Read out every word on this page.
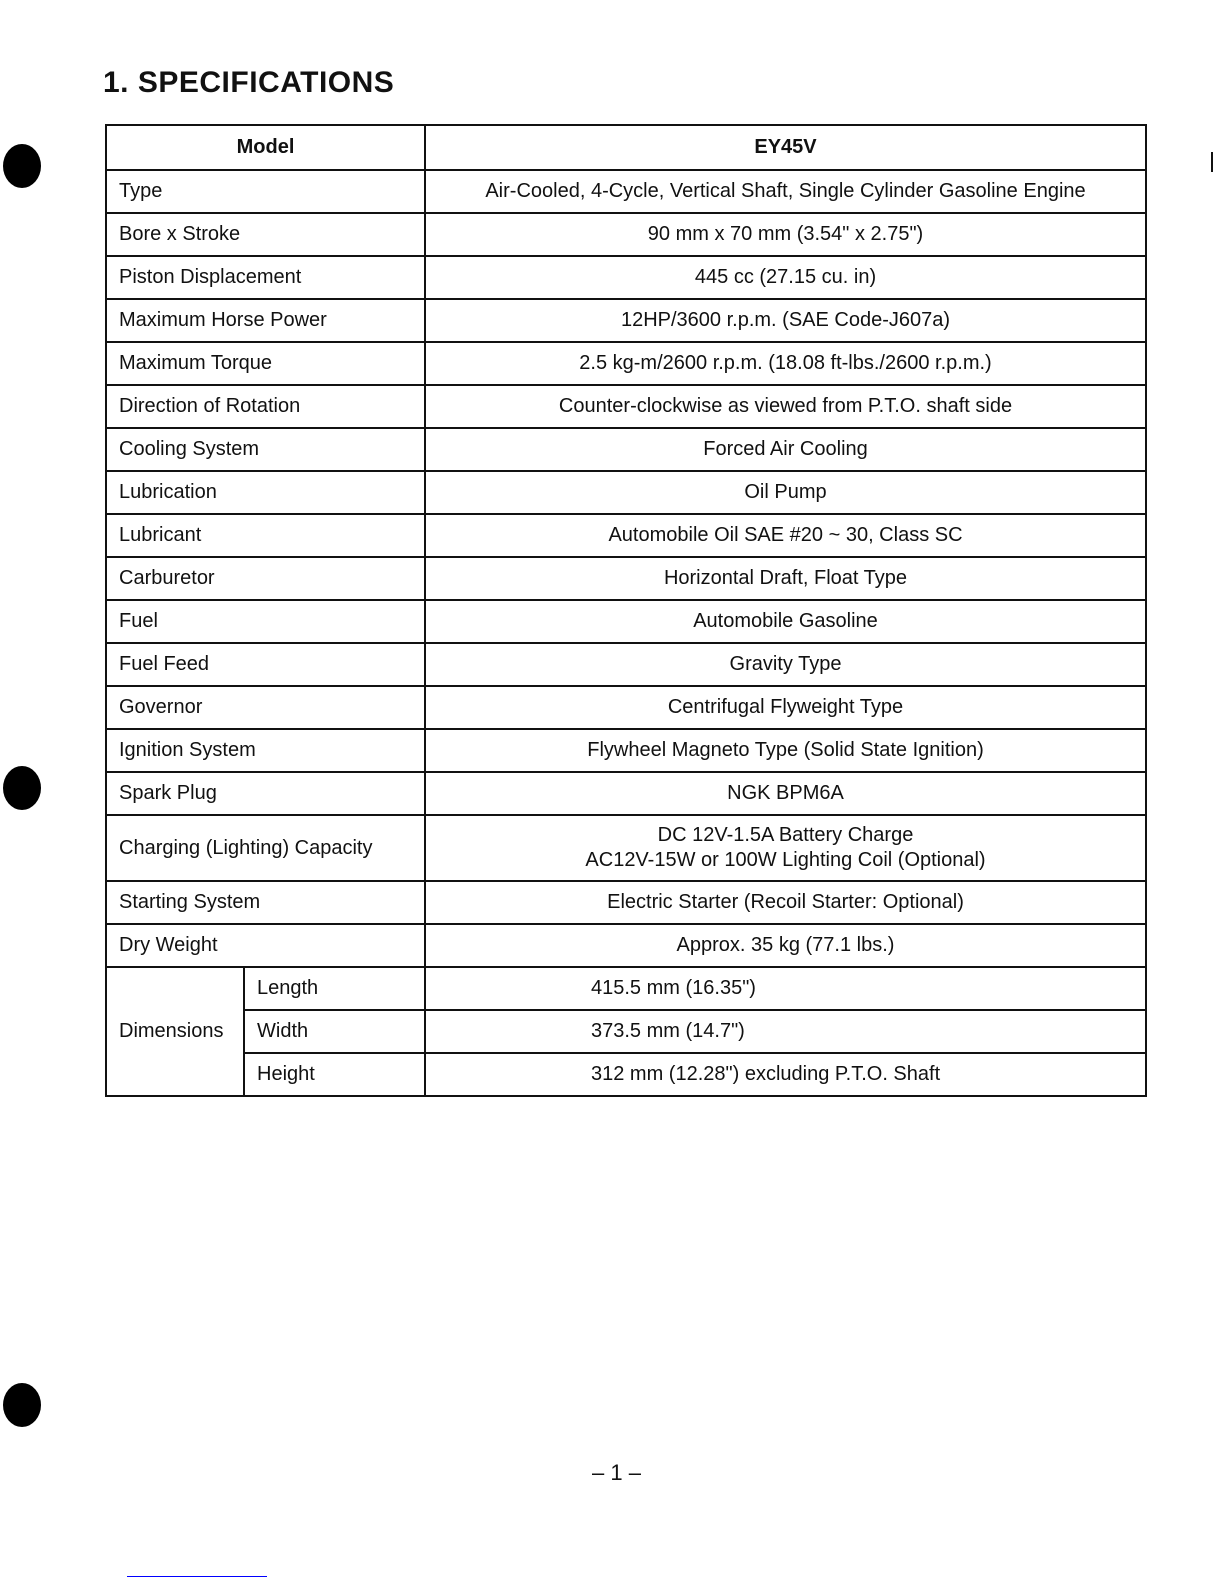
1. SPECIFICATIONS
Model		EY45V
Type		Air-Cooled, 4-Cycle, Vertical Shaft, Single Cylinder Gasoline Engine
Bore x Stroke		90 mm x 70 mm (3.54" x 2.75")
Piston Displacement		445 cc (27.15 cu. in)
Maximum Horse Power		12HP/3600 r.p.m. (SAE Code-J607a)
Maximum Torque		2.5 kg-m/2600 r.p.m. (18.08 ft-lbs./2600 r.p.m.)
Direction of Rotation		Counter-clockwise as viewed from P.T.O. shaft side
Cooling System		Forced Air Cooling
Lubrication		Oil Pump
Lubricant		Automobile Oil SAE #20 ~ 30, Class SC
Carburetor		Horizontal Draft, Float Type
Fuel		Automobile Gasoline
Fuel Feed		Gravity Type
Governor		Centrifugal Flyweight Type
Ignition System		Flywheel Magneto Type (Solid State Ignition)
Spark Plug		NGK BPM6A
Charging (Lighting) Capacity		DC 12V-1.5A Battery Charge
AC12V-15W or 100W Lighting Coil (Optional)

Starting System		Electric Starter (Recoil Starter: Optional)
Dry Weight		Approx. 35 kg (77.1 lbs.)
Dimensions	Length	415.5 mm (16.35")
	Width	373.5 mm (14.7")
	Height	312 mm (12.28") excluding P.T.O. Shaft
– 1 –
